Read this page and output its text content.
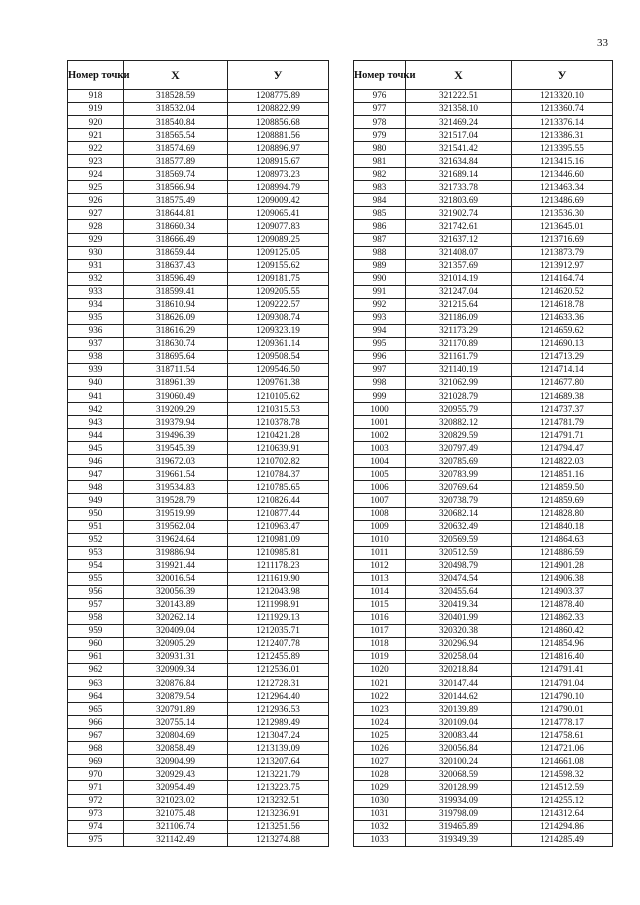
33
Номер точки	X	У
918	318528.59	1208775.89
919	318532.04	1208822.99
920	318540.84	1208856.68
921	318565.54	1208881.56
922	318574.69	1208896.97
923	318577.89	1208915.67
924	318569.74	1208973.23
925	318566.94	1208994.79
926	318575.49	1209009.42
927	318644.81	1209065.41
928	318660.34	1209077.83
929	318666.49	1209089.25
930	318659.44	1209125.05
931	318637.43	1209155.62
932	318596.49	1209181.75
933	318599.41	1209205.55
934	318610.94	1209222.57
935	318626.09	1209308.74
936	318616.29	1209323.19
937	318630.74	1209361.14
938	318695.64	1209508.54
939	318711.54	1209546.50
940	318961.39	1209761.38
941	319060.49	1210105.62
942	319209.29	1210315.53
943	319379.94	1210378.78
944	319496.39	1210421.28
945	319545.39	1210639.91
946	319672.03	1210702.82
947	319661.54	1210784.37
948	319534.83	1210785.65
949	319528.79	1210826.44
950	319519.99	1210877.44
951	319562.04	1210963.47
952	319624.64	1210981.09
953	319886.94	1210985.81
954	319921.44	1211178.23
955	320016.54	1211619.90
956	320056.39	1212043.98
957	320143.89	1211998.91
958	320262.14	1211929.13
959	320409.04	1212035.71
960	320905.29	1212407.78
961	320931.31	1212455.89
962	320909.34	1212536.01
963	320876.84	1212728.31
964	320879.54	1212964.40
965	320791.89	1212936.53
966	320755.14	1212989.49
967	320804.69	1213047.24
968	320858.49	1213139.09
969	320904.99	1213207.64
970	320929.43	1213221.79
971	320954.49	1213223.75
972	321023.02	1213232.51
973	321075.48	1213236.91
974	321106.74	1213251.56
975	321142.49	1213274.88
Номер точки	X	У
976	321222.51	1213320.10
977	321358.10	1213360.74
978	321469.24	1213376.14
979	321517.04	1213386.31
980	321541.42	1213395.55
981	321634.84	1213415.16
982	321689.14	1213446.60
983	321733.78	1213463.34
984	321803.69	1213486.69
985	321902.74	1213536.30
986	321742.61	1213645.01
987	321637.12	1213716.69
988	321408.07	1213873.79
989	321357.69	1213912.97
990	321014.19	1214164.74
991	321247.04	1214620.52
992	321215.64	1214618.78
993	321186.09	1214633.36
994	321173.29	1214659.62
995	321170.89	1214690.13
996	321161.79	1214713.29
997	321140.19	1214714.14
998	321062.99	1214677.80
999	321028.79	1214689.38
1000	320955.79	1214737.37
1001	320882.12	1214781.79
1002	320829.59	1214791.71
1003	320797.49	1214794.47
1004	320785.69	1214822.03
1005	320783.99	1214851.16
1006	320769.64	1214859.50
1007	320738.79	1214859.69
1008	320682.14	1214828.80
1009	320632.49	1214840.18
1010	320569.59	1214864.63
1011	320512.59	1214886.59
1012	320498.79	1214901.28
1013	320474.54	1214906.38
1014	320455.64	1214903.37
1015	320419.34	1214878.40
1016	320401.99	1214862.33
1017	320320.38	1214860.42
1018	320296.94	1214854.96
1019	320258.04	1214816.40
1020	320218.84	1214791.41
1021	320147.44	1214791.04
1022	320144.62	1214790.10
1023	320139.89	1214790.01
1024	320109.04	1214778.17
1025	320083.44	1214758.61
1026	320056.84	1214721.06
1027	320100.24	1214661.08
1028	320068.59	1214598.32
1029	320128.99	1214512.59
1030	319934.09	1214255.12
1031	319798.09	1214312.64
1032	319465.89	1214294.86
1033	319349.39	1214285.49
